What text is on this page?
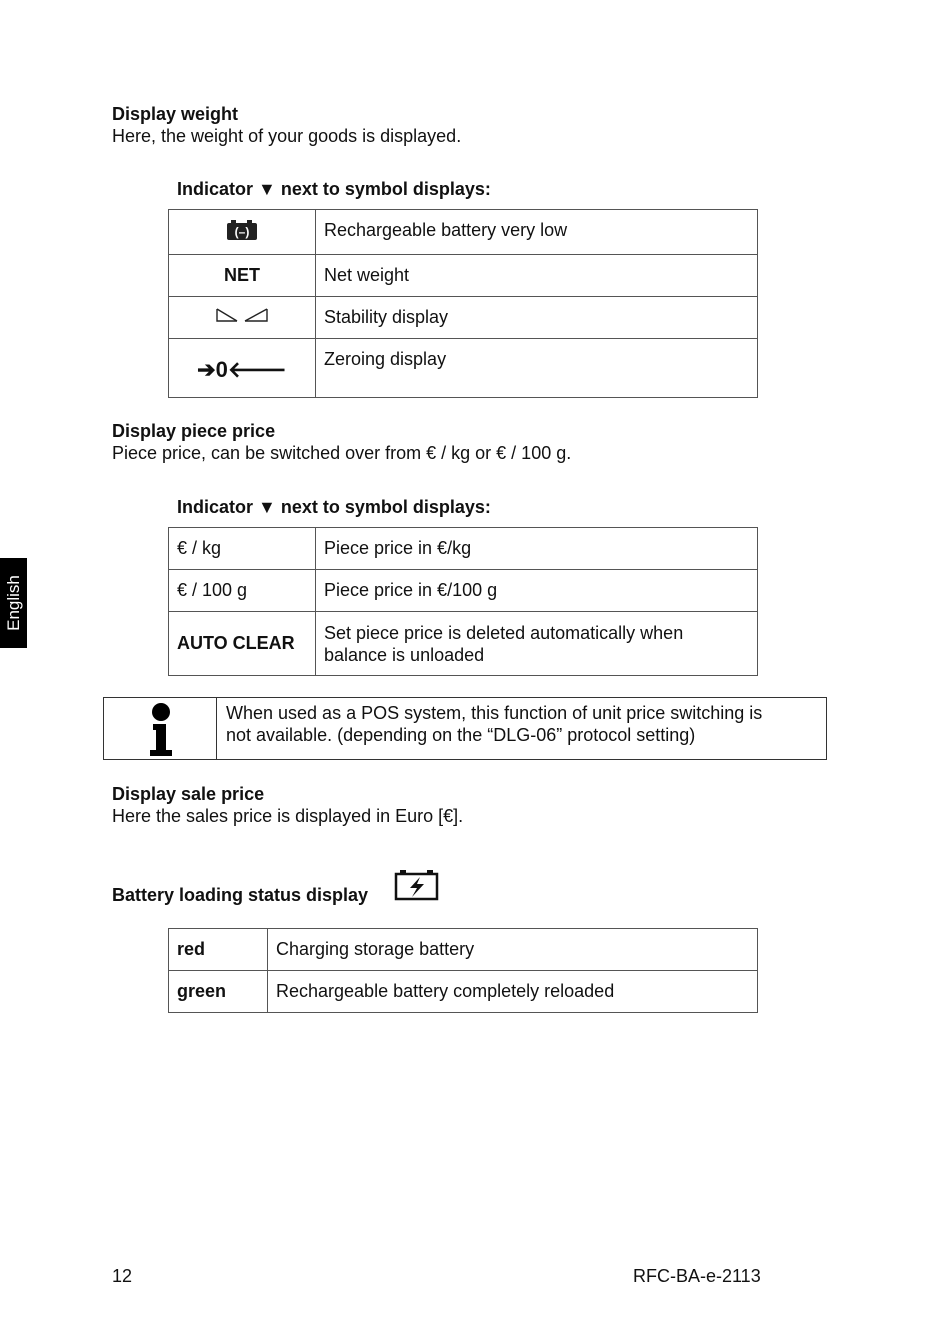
English
Display weight
Here, the weight of your goods is displayed.
Indicator ▼ next to symbol displays:
(–)	Rechargeable battery very low
NET	Net weight
	Stability display
➔0🡐	Zeroing display
Display piece price
Piece price, can be switched over from € / kg or € / 100 g.
Indicator ▼ next to symbol displays:
€ / kg	Piece price in €/kg
€ / 100 g	Piece price in €/100 g
AUTO CLEAR	Set piece price is deleted automatically when
balance is unloaded
When used as a POS system, this function of unit price switching is
not available. (depending on the “DLG-06” protocol setting)
Display sale price
Here the sales price is displayed in Euro [€].
Battery loading status display
red	Charging storage battery
green	Rechargeable battery completely reloaded
12	RFC-BA-e-2113
